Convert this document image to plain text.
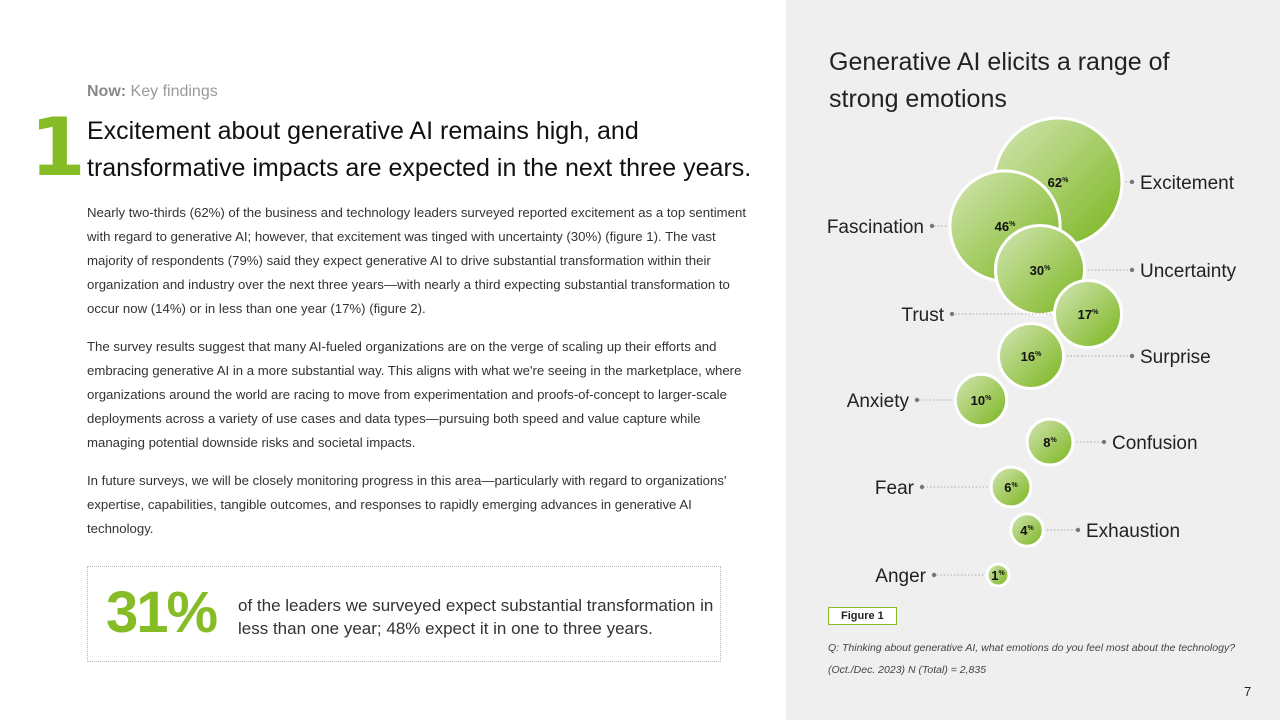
1
Now: Key findings
Excitement about generative AI remains high, and transformative impacts are expected in the next three years.

Nearly two-thirds (62%) of the business and technology leaders surveyed reported excitement as a top sentiment with regard to generative AI; however, that excitement was tinged with uncertainty (30%) (figure 1). The vast majority of respondents (79%) said they expect generative AI to drive substantial transformation within their organization and industry over the next three years—with nearly a third expecting substantial transformation to occur now (14%) or in less than one year (17%) (figure 2).

The survey results suggest that many AI-fueled organizations are on the verge of scaling up their efforts and embracing generative AI in a more substantial way. This aligns with what we're seeing in the marketplace, where organizations around the world are racing to move from experimentation and proofs-of-concept to larger-scale deployments across a variety of use cases and data types—pursuing both speed and value capture while managing potential downside risks and societal impacts.

In future surveys, we will be closely monitoring progress in this area—particularly with regard to organizations' expertise, capabilities, tangible outcomes, and responses to rapidly emerging advances in generative AI technology.

31% of the leaders we surveyed expect substantial transformation in less than one year; 48% expect it in one to three years.
Generative AI elicits a range of strong emotions
62%	Excitement
46%
Fascination
30%	Uncertainty
17%
Trust
16%	Surprise
10%
Anxiety
8%	Confusion
6%
Fear
4%	Exhaustion
1%
Anger
Figure 1
Q: Thinking about generative AI, what emotions do you feel most about the technology?
(Oct./Dec. 2023) N (Total) = 2,835
7
